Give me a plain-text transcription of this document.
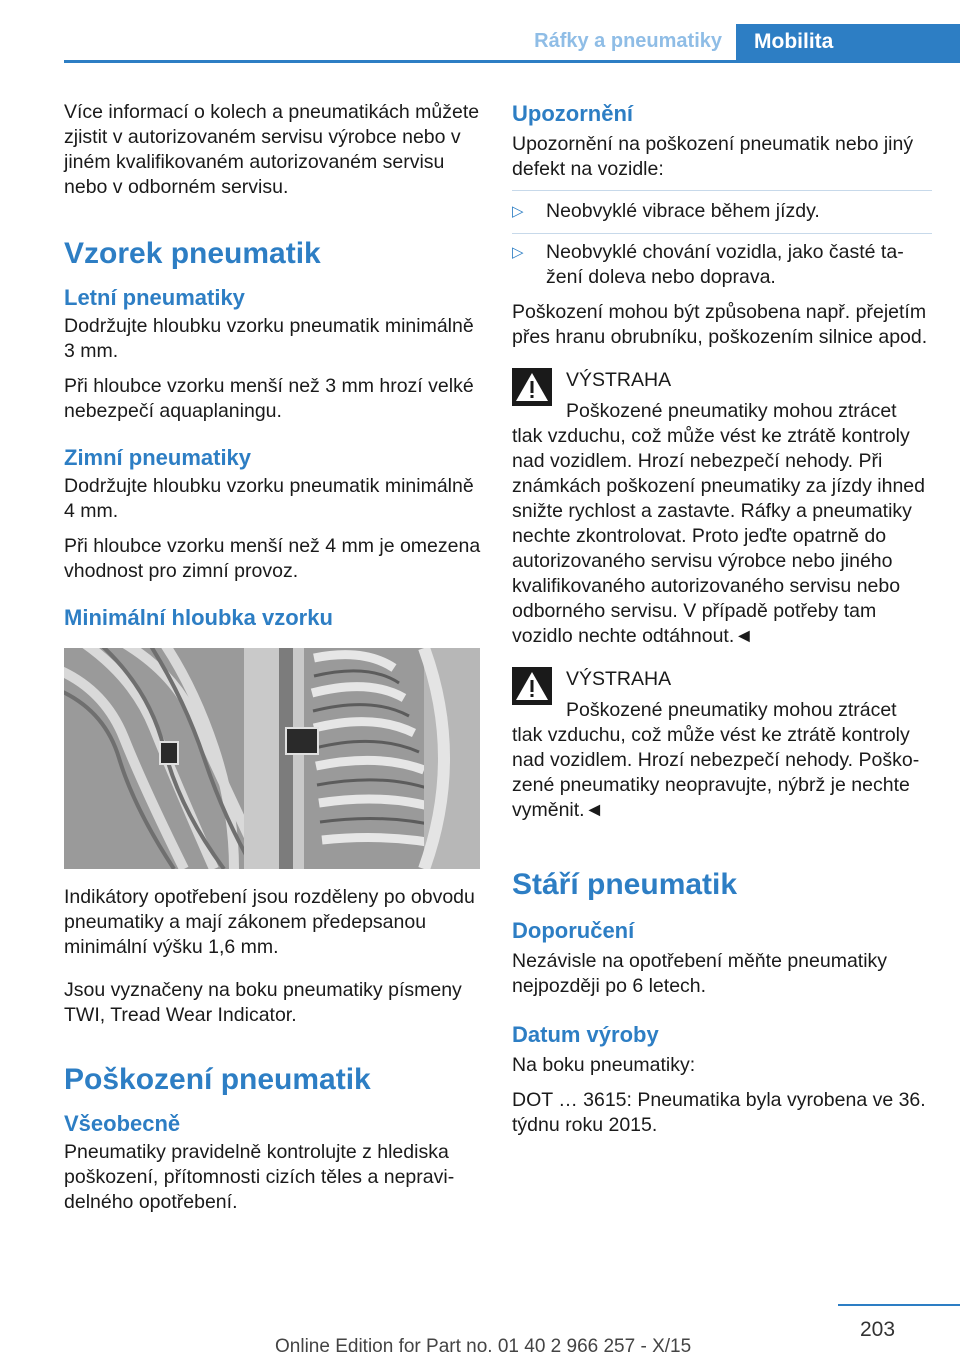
Ráfky a pneumatiky	Mobilita

Více informací o kolech a pneumatikách můžete zjistit v autorizovaném servisu výrobce nebo v jiném kvalifikovaném autorizovaném servisu nebo v odborném servisu.

Vzorek pneumatik
Letní pneumatiky

Dodržujte hloubku vzorku pneumatik minimálně 3 mm.

Při hloubce vzorku menší než 3 mm hrozí velké nebezpečí aquaplaningu.

Zimní pneumatiky

Dodržujte hloubku vzorku pneumatik minimálně 4 mm.

Při hloubce vzorku menší než 4 mm je omezena vhodnost pro zimní provoz.

Minimální hloubka vzorku

Indikátory opotřebení jsou rozděleny po obvodu pneumatiky a mají zákonem předepsanou minimální výšku 1,6 mm.

Jsou vyznačeny na boku pneumatiky písmeny TWI, Tread Wear Indicator.

Poškození pneumatik
Všeobecně

Pneumatiky pravidelně kontrolujte z hlediska poškození, přítomnosti cizích těles a nepravidelného opotřebení.

Upozornění

Upozornění na poškození pneumatik nebo jiný defekt na vozidle:

▷ Neobvyklé vibrace během jízdy.
▷ Neobvyklé chování vozidla, jako časté tažení doleva nebo doprava.

Poškození mohou být způsobena např. přejetím přes hranu obrubníku, poškozením silnice apod.

VÝSTRAHA

Poškozené pneumatiky mohou ztrácet tlak vzduchu, což může vést ke ztrátě kontroly nad vozidlem. Hrozí nebezpečí nehody. Při známkách poškození pneumatiky za jízdy ihned snižte rychlost a zastavte. Ráfky a pneumatiky nechte zkontrolovat. Proto jeďte opatrně do autorizovaného servisu výrobce nebo jiného kvalifikovaného autorizovaného servisu nebo odborného servisu. V případě potřeby tam vozidlo nechte odtáhnout.◄

VÝSTRAHA

Poškozené pneumatiky mohou ztrácet tlak vzduchu, což může vést ke ztrátě kontroly nad vozidlem. Hrozí nebezpečí nehody. Poškozené pneumatiky neopravujte, nýbrž je nechte vyměnit.◄

Stáří pneumatik
Doporučení

Nezávisle na opotřebení měňte pneumatiky nejpozději po 6 letech.

Datum výroby

Na boku pneumatiky:

DOT … 3615: Pneumatika byla vyrobena ve 36. týdnu roku 2015.

203
Online Edition for Part no. 01 40 2 966 257 - X/15
